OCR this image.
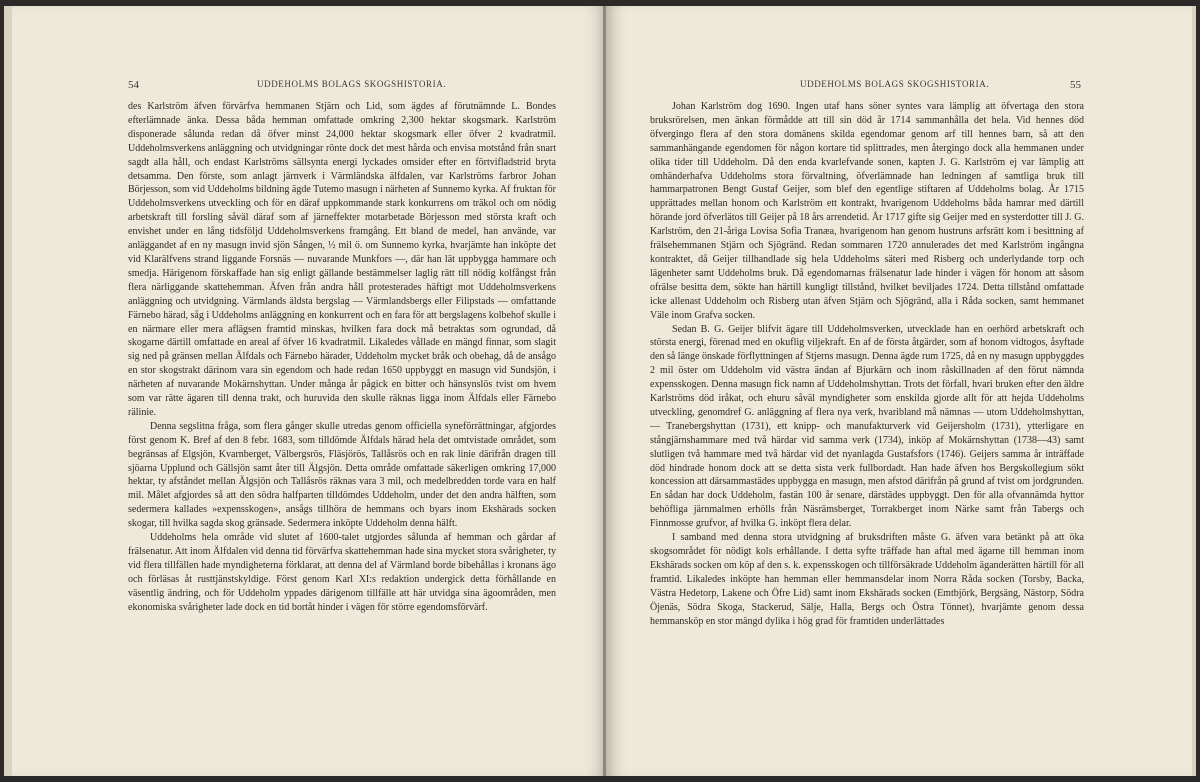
54	UDDEHOLMS BOLAGS SKOGSHISTORIA.

des Karlström äfven förvärfva hemmanen Stjärn och Lid, som ägdes af förutnämnde L. Bondes efterlämnade änka. Dessa båda hemman omfattade omkring 2,300 hektar skogsmark. Karlström disponerade sålunda redan då öfver minst 24,000 hektar skogsmark eller öfver 2 kvadratmil. Uddeholmsverkens anläggning och utvidgningar rönte dock det mest hårda och envisa motstånd från snart sagdt alla håll, och endast Karlströms sällsynta energi lyckades omsider efter en förtvifladstrid bryta detsamma. Den förste, som anlagt järnverk i Värmländska älfdalen, var Karlströms farbror Johan Börjesson, som vid Uddeholms bildning ägde Tutemo masugn i närheten af Sunnemo kyrka. Af fruktan för Uddeholmsverkens utveckling och för en däraf uppkommande stark konkurrens om träkol och om nödig arbetskraft till forsling såväl däraf som af järneffekter motarbetade Börjesson med största kraft och envishet under en lång tidsföljd Uddeholmsverkens framgång. Ett bland de medel, han använde, var anläggandet af en ny masugn invid sjön Sången, ½ mil ö. om Sunnemo kyrka, hvarjämte han inköpte det vid Klarälfvens strand liggande Forsnäs — nuvarande Munkfors —, där han lät uppbygga hammare och smedja. Härigenom förskaffade han sig enligt gällande bestämmelser laglig rätt till nödig kolfångst från flera närliggande skattehemman. Äfven från andra håll protesterades häftigt mot Uddeholmsverkens anläggning och utvidgning. Värmlands äldsta bergslag — Värmlandsbergs eller Filipstads — omfattande Färnebo härad, såg i Uddeholms anläggning en konkurrent och en fara för att bergslagens kolbehof skulle i en närmare eller mera aflägsen framtid minskas, hvilken fara dock må betraktas som ogrundad, då skogarne därtill omfattade en areal af öfver 16 kvadratmil. Likaledes vållade en mängd finnar, som slagit sig ned på gränsen mellan Älfdals och Färnebo härader, Uddeholm mycket bråk och obehag, då de ansågo en stor skogstrakt därinom vara sin egendom och hade redan 1650 uppbyggt en masugn vid Sundsjön, i närheten af nuvarande Mokärnshyttan. Under många år pågick en bitter och hänsynslös tvist om hvem som var rätte ägaren till denna trakt, och huruvida den skulle räknas ligga inom Älfdals eller Färnebo rälinie.

Denna segslitna fråga, som flera gånger skulle utredas genom officiella syneförrättningar, afgjordes först genom K. Bref af den 8 febr. 1683, som tilldömde Älfdals härad hela det omtvistade området, som begränsas af Elgsjön, Kvarnberget, Välbergsrös, Fläsjörös, Tallåsrös och en rak linie därifrån dragen till sjöarna Upplund och Gällsjön samt åter till Älgsjön. Detta område omfattade säkerligen omkring 17,000 hektar, ty afståndet mellan Älgsjön och Tallåsrös räknas vara 3 mil, och medelbredden torde vara en half mil. Målet afgjordes så att den södra halfparten tilldömdes Uddeholm, under det den andra hälften, som sedermera kallades »expensskogen», ansågs tillhöra de hemmans och byars inom Ekshärads socken skogar, till hvilka sagda skog gränsade. Sedermera inköpte Uddeholm denna hälft.

Uddeholms hela område vid slutet af 1600-talet utgjordes sålunda af hemman och gårdar af frälsenatur. Att inom Älfdalen vid denna tid förvärfva skattehemman hade sina mycket stora svårigheter, ty vid flera tillfällen hade myndigheterna förklarat, att denna del af Värmland borde bibehållas i kronans ägo och förläsas åt rusttjänstskyldige. Först genom Karl XI:s redaktion undergick detta förhållande en väsentlig ändring, och för Uddeholm yppades därigenom tillfälle att här utvidga sina ägoområden, men ekonomiska svårigheter lade dock en tid bortåt hinder i vägen för större egendomsförvärf.

UDDEHOLMS BOLAGS SKOGSHISTORIA.	55

Johan Karlström dog 1690. Ingen utaf hans söner syntes vara lämplig att öfvertaga den stora bruksrörelsen, men änkan förmådde att till sin död år 1714 sammanhålla det hela. Vid hennes död öfvergingo flera af den stora domänens skilda egendomar genom arf till hennes barn, så att den sammanhängande egendomen för någon kortare tid splittrades, men återgingo dock alla hemmanen under olika tider till Uddeholm. Då den enda kvarlefvande sonen, kapten J. G. Karlström ej var lämplig att omhänderhafva Uddeholms stora förvaltning, öfverlämnade han ledningen af samtliga bruk till hammarpatronen Bengt Gustaf Geijer, som blef den egentlige stiftaren af Uddeholms bolag. År 1715 upprättades mellan honom och Karlström ett kontrakt, hvarigenom Uddeholms båda hamrar med därtill hörande jord öfverlätos till Geijer på 18 års arrendetid. År 1717 gifte sig Geijer med en systerdotter till J. G. Karlström, den 21-åriga Lovisa Sofia Tranæa, hvarigenom han genom hustruns arfsrätt kom i besittning af frälsehemmanen Stjärn och Sjögränd. Redan sommaren 1720 annulerades det med Karlström ingångna kontraktet, då Geijer tillhandlade sig hela Uddeholms säteri med Risberg och underlydande torp och lägenheter samt Uddeholms bruk. Då egendomarnas frälsenatur lade hinder i vägen för honom att såsom ofrälse besitta dem, sökte han härtill kungligt tillstånd, hvilket beviljades 1724. Detta tillstånd omfattade icke allenast Uddeholm och Risberg utan äfven Stjärn och Sjögränd, alla i Råda socken, samt hemmanet Väle inom Grafva socken.

Sedan B. G. Geijer blifvit ägare till Uddeholmsverken, utvecklade han en oerhörd arbetskraft och största energi, förenad med en okuflig viljekraft. En af de första åtgärder, som af honom vidtogos, åsyftade den så länge önskade förflyttningen af Stjerns masugn. Denna ägde rum 1725, då en ny masugn uppbyggdes 2 mil öster om Uddeholm vid västra ändan af Bjurkärn och inom råskillnaden af den förut nämnda expensskogen. Denna masugn fick namn af Uddeholmshyttan. Trots det förfall, hvari bruken efter den äldre Karlströms död iråkat, och ehuru såväl myndigheter som enskilda gjorde allt för att hejda Uddeholms utveckling, genomdref G. anläggning af flera nya verk, hvaribland må nämnas — utom Uddeholmshyttan, — Tranebergshyttan (1731), ett knipp- och manufakturverk vid Geijersholm (1731), ytterligare en stångjärnshammare med två härdar vid samma verk (1734), inköp af Mokärnshyttan (1738—43) samt slutligen två hammare med två härdar vid det nyanlagda Gustafsfors (1746). Geijers samma år inträffade död hindrade honom dock att se detta sista verk fullbordadt. Han hade äfven hos Bergskollegium sökt koncession att därsammastädes uppbygga en masugn, men afstod därifrån på grund af tvist om jordgrunden. En sådan har dock Uddeholm, fastän 100 år senare, därstädes uppbyggt. Den för alla ofvannämda hyttor behöfliga järnmalmen erhölls från Näsrämsberget, Torrakberget inom Närke samt från Tabergs och Finnmosse grufvor, af hvilka G. inköpt flera delar.

I samband med denna stora utvidgning af bruksdriften måste G. äfven vara betänkt på att öka skogsområdet för nödigt kols erhållande. I detta syfte träffade han aftal med ägarne till hemman inom Ekshärads socken om köp af den s. k. expensskogen och tillförsäkrade Uddeholm äganderätten härtill för all framtid. Likaledes inköpte han hemman eller hemmansdelar inom Norra Råda socken (Torsby, Backa, Västra Hedetorp, Lakene och Öfre Lid) samt inom Ekshärads socken (Emtbjörk, Bergsäng, Nästorp, Södra Öjenäs, Södra Skoga, Stackerud, Sälje, Halla, Bergs och Östra Tönnet), hvarjämte genom dessa hemmansköp en stor mängd dylika i hög grad för framtiden underlättades
